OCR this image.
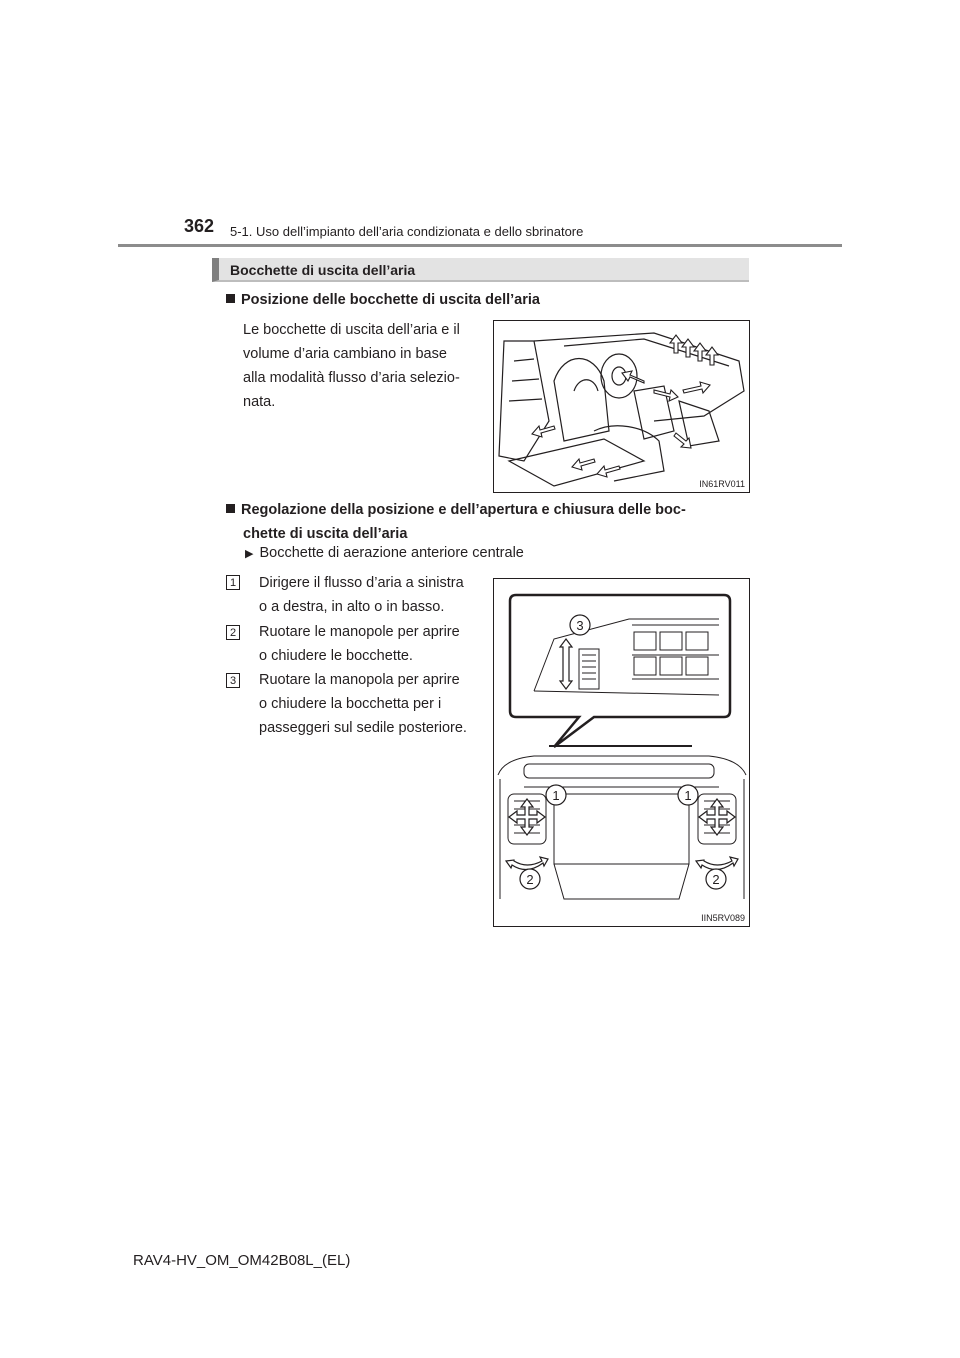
362 5-1. Uso dell’impianto dell’aria condizionata e dello sbrinatore
Bocchette di uscita dell’aria
Posizione delle bocchette di uscita dell’aria
Le bocchette di uscita dell’aria e il
volume d’aria cambiano in base
alla modalità flusso d’aria selezio-
nata.
IN61RV011
Regolazione della posizione e dell’apertura e chiusura delle boc-
chette di uscita dell’aria
▶ Bocchette di aerazione anteriore centrale
1 Dirigere il flusso d’aria a sinistra
o a destra, in alto o in basso.
2 Ruotare le manopole per aprire
o chiudere le bocchette.
3 Ruotare la manopola per aprire
o chiudere la bocchetta per i
passeggeri sul sedile posteriore.
3
1	1
2	2
IIN5RV089
RAV4-HV_OM_OM42B08L_(EL)
